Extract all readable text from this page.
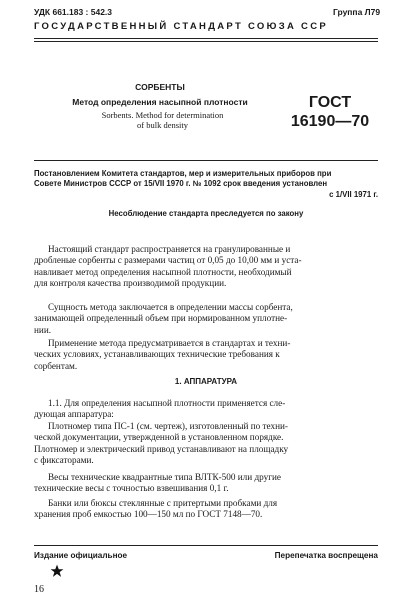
УДК 661.183 : 542.3	Группа Л79
ГОСУДАРСТВЕННЫЙ СТАНДАРТ СОЮЗА ССР
СОРБЕНТЫ
Метод определения насыпной плотности
Sorbents. Method for determination
of bulk density
ГОСТ
16190—70
Постановлением Комитета стандартов, мер и измерительных приборов при
Совете Министров СССР от 15/VII 1970 г. № 1092 срок введения установлен
с 1/VII 1971 г.
Несоблюдение стандарта преследуется по закону
Настоящий стандарт распространяется на гранулированные и
дробленые сорбенты с размерами частиц от 0,05 до 10,00 мм и уста-
навливает метод определения насыпной плотности, необходимый
для контроля качества производимой продукции.
Сущность метода заключается в определении массы сорбента,
занимающей определенный объем при нормированном уплотне-
нии.
Применение метода предусматривается в стандартах и техни-
ческих условиях, устанавливающих технические требования к
сорбентам.
1. АППАРАТУРА
1.1. Для определения насыпной плотности применяется сле-
дующая аппаратура:
Плотномер типа ПС-1 (см. чертеж), изготовленный по техни-
ческой документации, утвержденной в установленном порядке.
Плотномер и электрический привод устанавливают на площадку
с фиксаторами.
Весы технические квадрантные типа ВЛТК-500 или другие
технические весы с точностью взвешивания 0,1 г.
Банки или бюксы стеклянные с притертыми пробками для
хранения проб емкостью 100—150 мл по ГОСТ 7148—70.
Издание официальное	Перепечатка воспрещена
16
